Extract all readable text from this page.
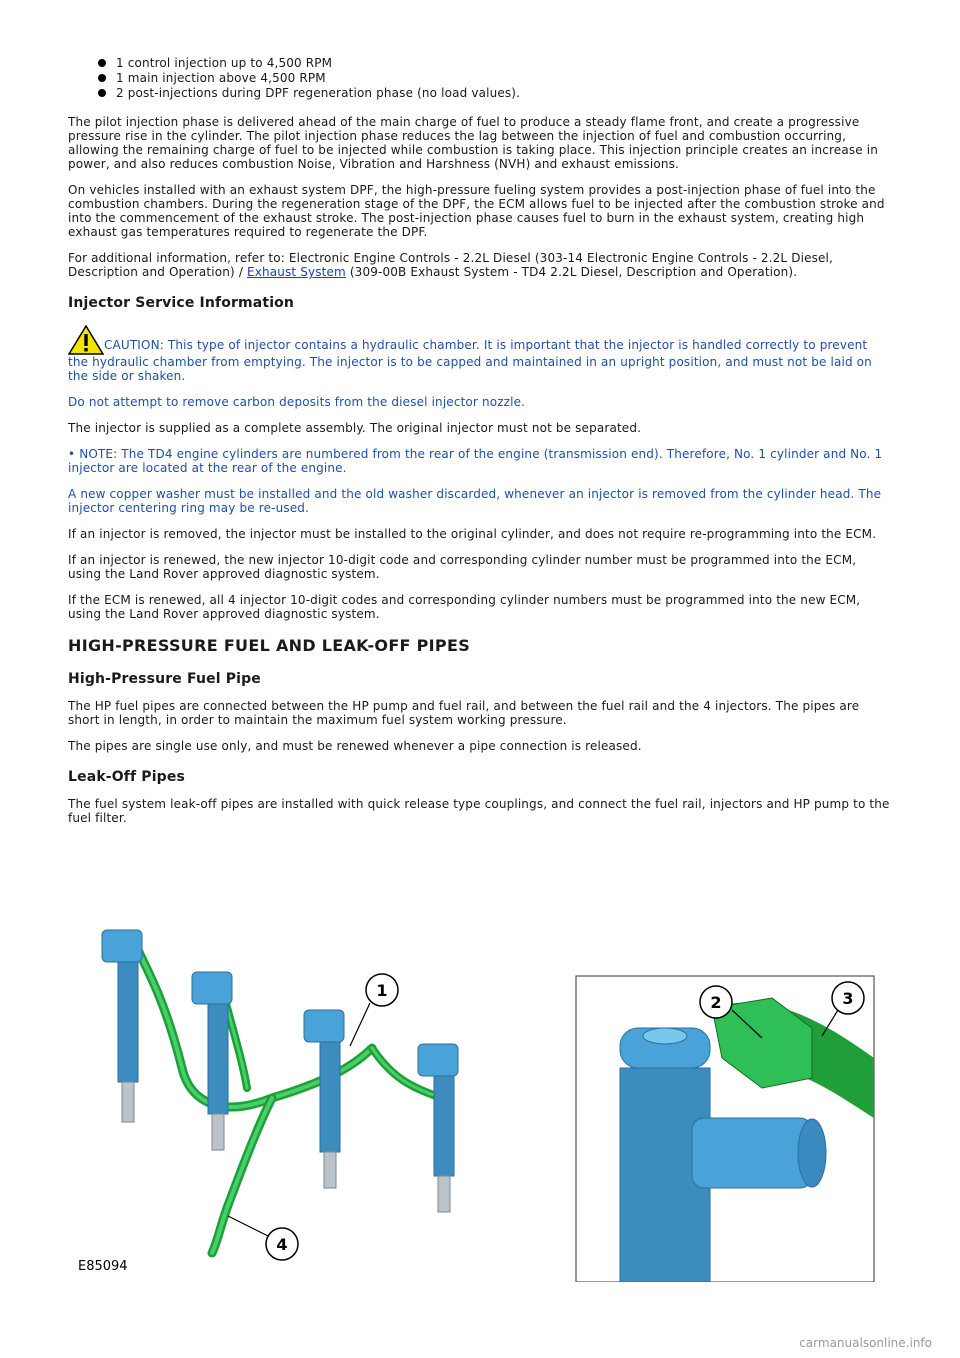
1 control injection up to 4,500 RPM
1 main injection above 4,500 RPM
2 post-injections during DPF regeneration phase (no load values).

The pilot injection phase is delivered ahead of the main charge of fuel to produce a steady flame front, and create a progressive pressure rise in the cylinder. The pilot injection phase reduces the lag between the injection of fuel and combustion occurring, allowing the remaining charge of fuel to be injected while combustion is taking place. This injection principle creates an increase in power, and also reduces combustion Noise, Vibration and Harshness (NVH) and exhaust emissions.

On vehicles installed with an exhaust system DPF, the high-pressure fueling system provides a post-injection phase of fuel into the combustion chambers. During the regeneration stage of the DPF, the ECM allows fuel to be injected after the combustion stroke and into the commencement of the exhaust stroke. The post-injection phase causes fuel to burn in the exhaust system, creating high exhaust gas temperatures required to regenerate the DPF.

For additional information, refer to: Electronic Engine Controls - 2.2L Diesel (303-14 Electronic Engine Controls - 2.2L Diesel, Description and Operation) / Exhaust System (309-00B Exhaust System - TD4 2.2L Diesel, Description and Operation).

Injector Service Information

CAUTION: This type of injector contains a hydraulic chamber. It is important that the injector is handled correctly to prevent the hydraulic chamber from emptying. The injector is to be capped and maintained in an upright position, and must not be laid on the side or shaken.

Do not attempt to remove carbon deposits from the diesel injector nozzle.

The injector is supplied as a complete assembly. The original injector must not be separated.

• NOTE: The TD4 engine cylinders are numbered from the rear of the engine (transmission end). Therefore, No. 1 cylinder and No. 1 injector are located at the rear of the engine.

A new copper washer must be installed and the old washer discarded, whenever an injector is removed from the cylinder head. The injector centering ring may be re-used.

If an injector is removed, the injector must be installed to the original cylinder, and does not require re-programming into the ECM.

If an injector is renewed, the new injector 10-digit code and corresponding cylinder number must be programmed into the ECM, using the Land Rover approved diagnostic system.

If the ECM is renewed, all 4 injector 10-digit codes and corresponding cylinder numbers must be programmed into the new ECM, using the Land Rover approved diagnostic system.

HIGH-PRESSURE FUEL AND LEAK-OFF PIPES
High-Pressure Fuel Pipe

The HP fuel pipes are connected between the HP pump and fuel rail, and between the fuel rail and the 4 injectors. The pipes are short in length, in order to maintain the maximum fuel system working pressure.

The pipes are single use only, and must be renewed whenever a pipe connection is released.

Leak-Off Pipes

The fuel system leak-off pipes are installed with quick release type couplings, and connect the fuel rail, injectors and HP pump to the fuel filter.

1
4
2	3
E85094
carmanualsonline.info
